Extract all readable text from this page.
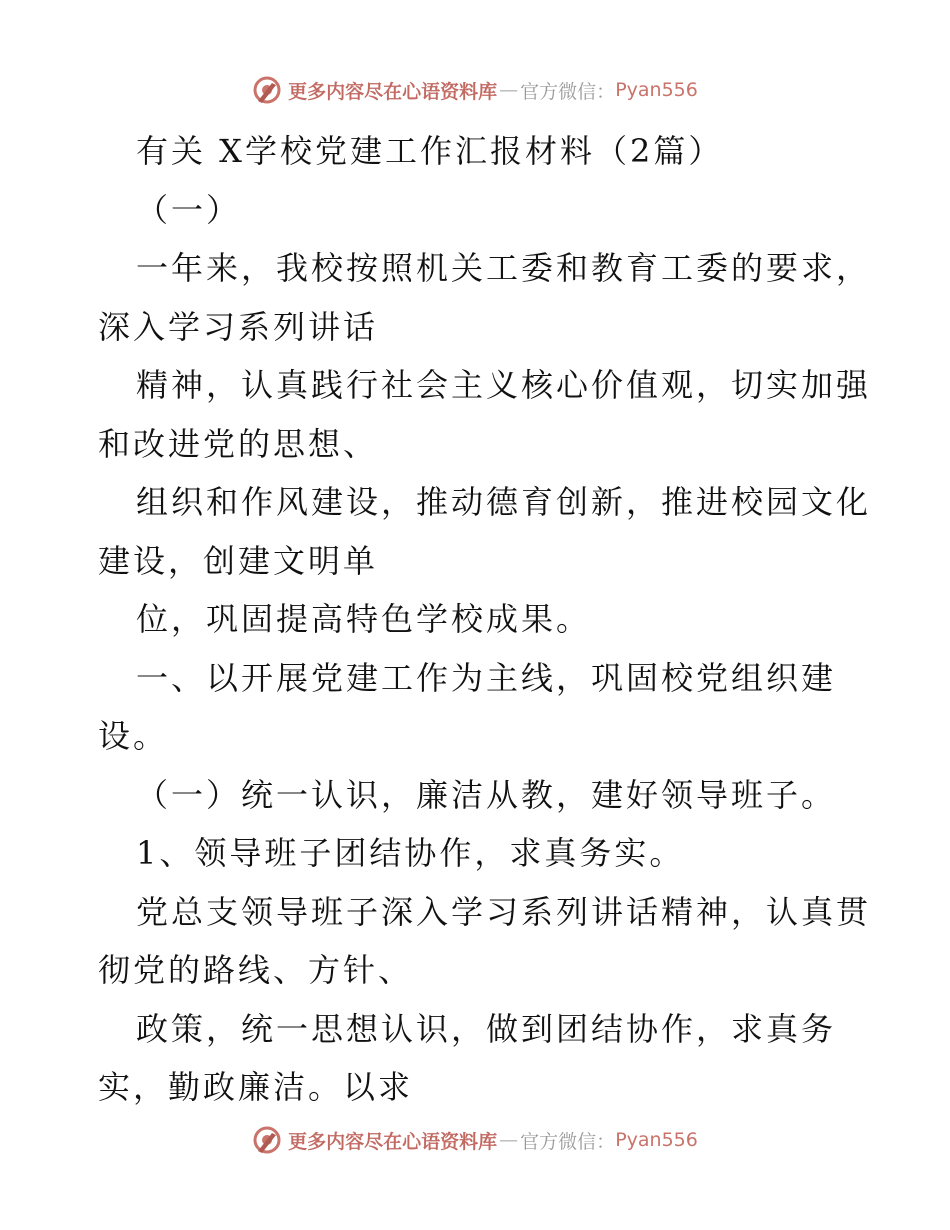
更多内容尽在心语资料库 — 官方微信： Pyan556
有关 X学校党建工作汇报材料（2篇）
（一）
一年来，我校按照机关工委和教育工委的要求，
深入学习系列讲话
精神，认真践行社会主义核心价值观，切实加强
和改进党的思想、
组织和作风建设，推动德育创新，推进校园文化
建设，创建文明单
位，巩固提高特色学校成果。
一、以开展党建工作为主线，巩固校党组织建
设。
（一）统一认识，廉洁从教，建好领导班子。
1、领导班子团结协作，求真务实。
党总支领导班子深入学习系列讲话精神，认真贯
彻党的路线、方针、
政策，统一思想认识，做到团结协作，求真务
实，勤政廉洁。以求
更多内容尽在心语资料库 — 官方微信： Pyan556
